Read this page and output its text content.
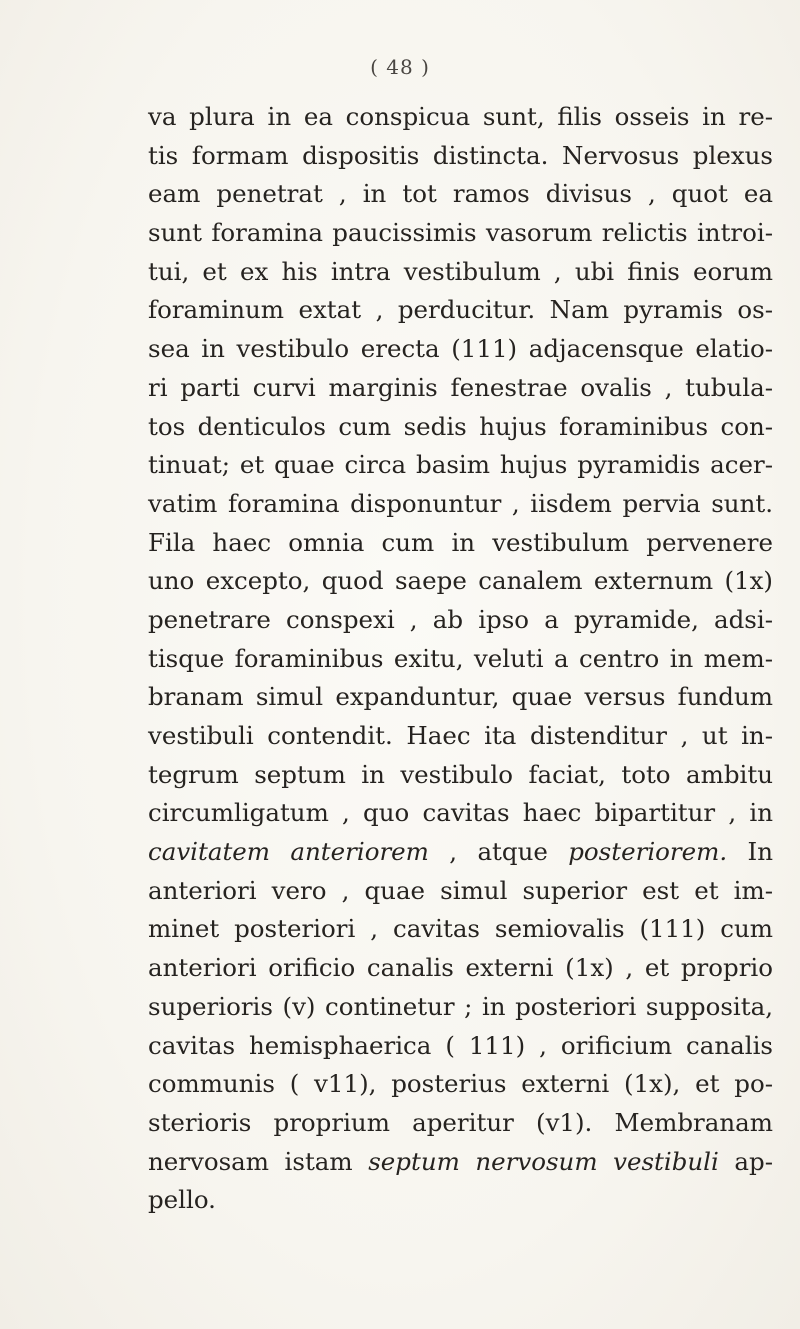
( 48 )
va plura in ea conspicua sunt, filis osseis in re-
tis formam dispositis distincta. Nervosus plexus
eam penetrat , in tot ramos divisus , quot ea
sunt foramina paucissimis vasorum relictis introi-
tui, et ex his intra vestibulum , ubi finis eorum
foraminum extat , perducitur. Nam pyramis os-
sea in vestibulo erecta (111) adjacensque elatio-
ri parti curvi marginis fenestrae ovalis , tubula-
tos denticulos cum sedis hujus foraminibus con-
tinuat; et quae circa basim hujus pyramidis acer-
vatim foramina disponuntur , iisdem pervia sunt.
Fila haec omnia cum in vestibulum pervenere
uno excepto, quod saepe canalem externum (1x)
penetrare conspexi , ab ipso a pyramide, adsi-
tisque foraminibus exitu, veluti a centro in mem-
branam simul expanduntur, quae versus fundum
vestibuli contendit. Haec ita distenditur , ut in-
tegrum septum in vestibulo faciat, toto ambitu
circumligatum , quo cavitas haec bipartitur , in
cavitatem anteriorem , atque posteriorem. In
anteriori vero , quae simul superior est et im-
minet posteriori , cavitas semiovalis (111) cum
anteriori orificio canalis externi (1x) , et proprio
superioris (v) continetur ; in posteriori supposita,
cavitas hemisphaerica ( 111) , orificium canalis
communis ( v11), posterius externi (1x), et po-
sterioris proprium aperitur (v1). Membranam
nervosam istam septum nervosum vestibuli ap-
pello.
